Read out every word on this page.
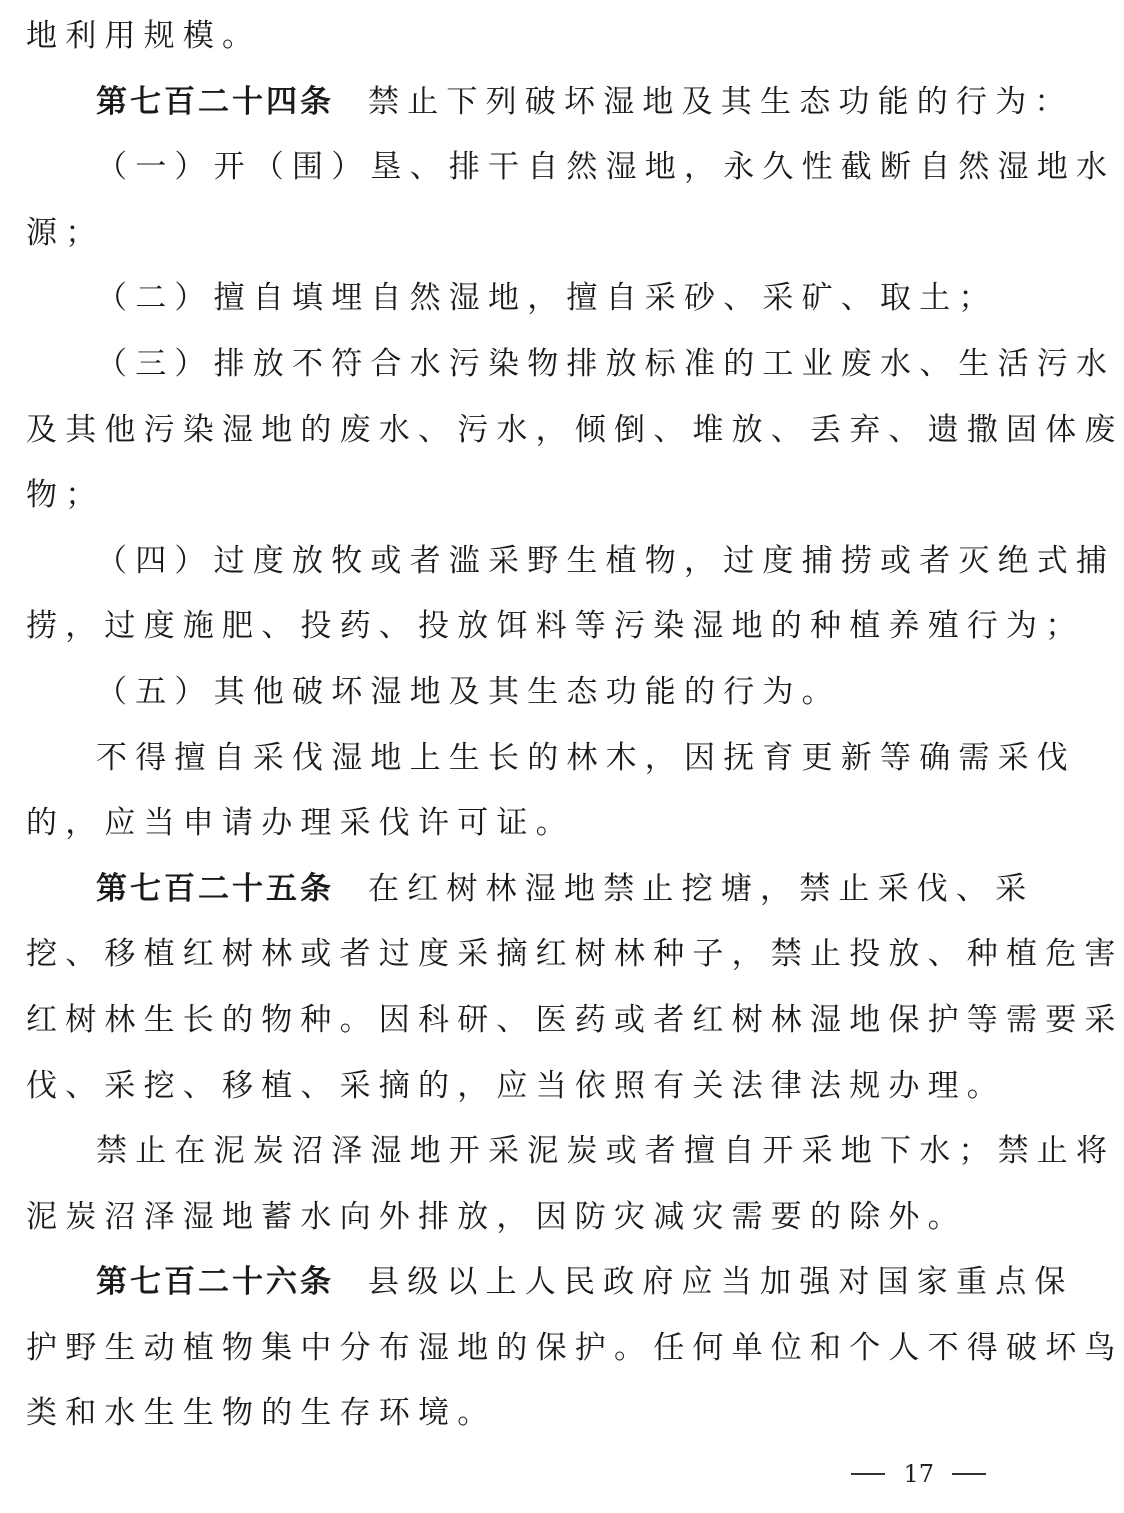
地利用规模。
第七百二十四条 禁止下列破坏湿地及其生态功能的行为：
（一）开（围）垦、排干自然湿地，永久性截断自然湿地水
源；
（二）擅自填埋自然湿地，擅自采砂、采矿、取土；
（三）排放不符合水污染物排放标准的工业废水、生活污水
及其他污染湿地的废水、污水，倾倒、堆放、丢弃、遗撒固体废
物；
（四）过度放牧或者滥采野生植物，过度捕捞或者灭绝式捕
捞，过度施肥、投药、投放饵料等污染湿地的种植养殖行为；
（五）其他破坏湿地及其生态功能的行为。
不得擅自采伐湿地上生长的林木，因抚育更新等确需采伐
的，应当申请办理采伐许可证。
第七百二十五条 在红树林湿地禁止挖塘，禁止采伐、采
挖、移植红树林或者过度采摘红树林种子，禁止投放、种植危害
红树林生长的物种。因科研、医药或者红树林湿地保护等需要采
伐、采挖、移植、采摘的，应当依照有关法律法规办理。
禁止在泥炭沼泽湿地开采泥炭或者擅自开采地下水；禁止将
泥炭沼泽湿地蓄水向外排放，因防灾减灾需要的除外。
第七百二十六条 县级以上人民政府应当加强对国家重点保
护野生动植物集中分布湿地的保护。任何单位和个人不得破坏鸟
类和水生生物的生存环境。
17
